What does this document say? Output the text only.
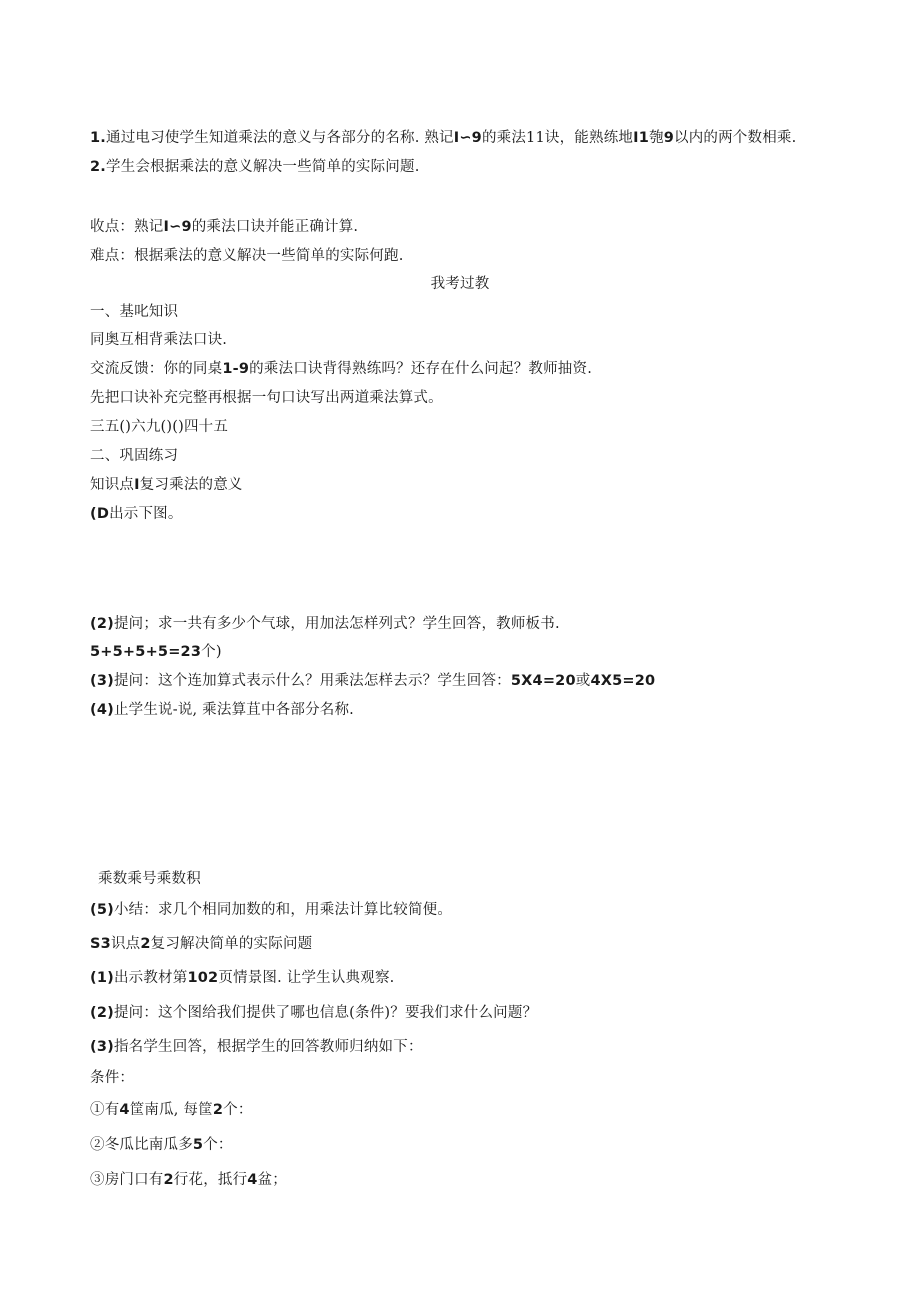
1.通过电习使学生知道乘法的意义与各部分的名称. 熟记I∽9的乘法11诀，能熟练地I1匏9以内的两个数相乘.
2.学生会根据乘法的意义解决一些简单的实际问题.
收点：熟记I∽9的乘法口诀并能正确计算.
难点：根据乘法的意义解决一些简单的实际何跑.
我考过教
一、基叱知识
同奥互相背乘法口诀.
交流反馈：你的同桌1-9的乘法口诀背得熟练吗？还存在什么问起？教师抽资.
先把口诀补充完整再根据一句口诀写出两道乘法算式。
三五()六九()()四十五
二、巩固练习
知识点I复习乘法的意义
(D出示下图。
(2)提问；求一共有多少个气球，用加法怎样列式？学生回答，教师板书.
5+5+5+5=23个)
(3)提问：这个连加算式表示什么？用乘法怎样去示？学生回答：5X4=20或4X5=20
(4)止学生说-说, 乘法算苴中各部分名称.
乘数乘号乘数积
(5)小结：求几个相同加数的和，用乘法计算比较简便。
S3识点2复习解决简单的实际问题
(1)出示教材第102页情景图. 让学生认典观察.
(2)提问：这个图给我们提供了哪也信息(条件)？要我们求什么问题？
(3)指名学生回答，根据学生的回答教师归纳如下：
条件：
①有4筐南瓜, 每筐2个：
②冬瓜比南瓜多5个：
③房门口有2行花，抵行4盆；
